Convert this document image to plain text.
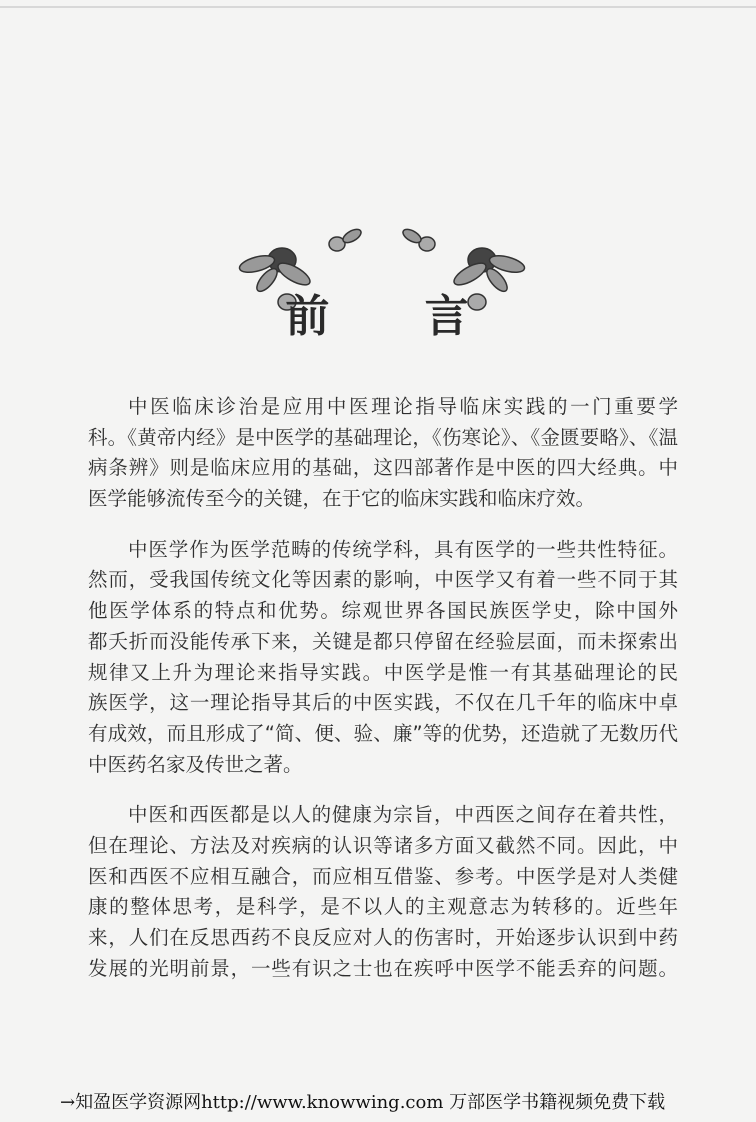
前 言
中医临床诊治是应用中医理论指导临床实践的一门重要学
科。《黄帝内经》是中医学的基础理论，《伤寒论》、《金匮要略》、《温
病条辨》则是临床应用的基础，这四部著作是中医的四大经典。中
医学能够流传至今的关键，在于它的临床实践和临床疗效。
中医学作为医学范畴的传统学科，具有医学的一些共性特征。
然而，受我国传统文化等因素的影响，中医学又有着一些不同于其
他医学体系的特点和优势。综观世界各国民族医学史，除中国外
都夭折而没能传承下来，关键是都只停留在经验层面，而未探索出
规律又上升为理论来指导实践。中医学是惟一有其基础理论的民
族医学，这一理论指导其后的中医实践，不仅在几千年的临床中卓
有成效，而且形成了“简、便、验、廉”等的优势，还造就了无数历代
中医药名家及传世之著。
中医和西医都是以人的健康为宗旨，中西医之间存在着共性，
但在理论、方法及对疾病的认识等诸多方面又截然不同。因此，中
医和西医不应相互融合，而应相互借鉴、参考。中医学是对人类健
康的整体思考，是科学，是不以人的主观意志为转移的。近些年
来，人们在反思西药不良反应对人的伤害时，开始逐步认识到中药
发展的光明前景，一些有识之士也在疾呼中医学不能丢弃的问题。
→知盈医学资源网http://www.knowwing.com 万部医学书籍视频免费下载
